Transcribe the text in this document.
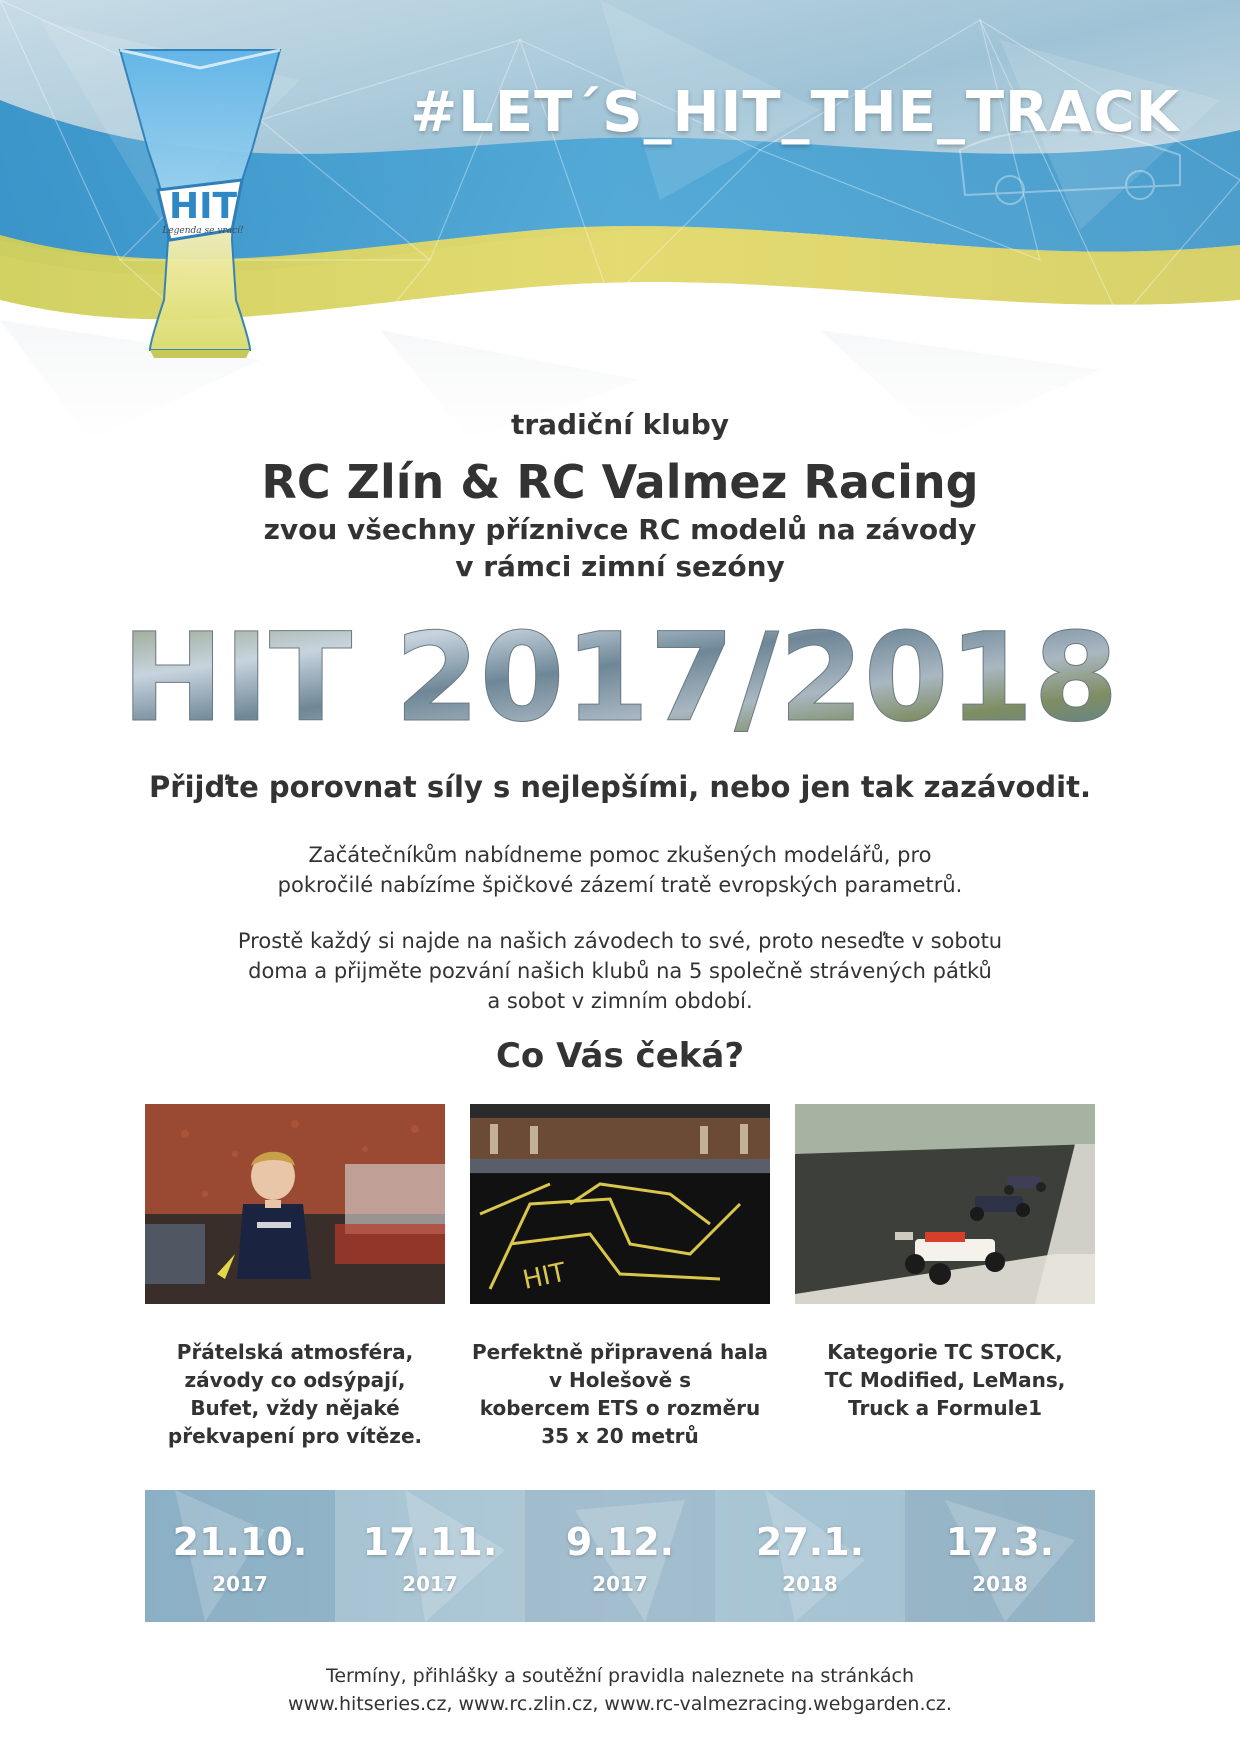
HIT
Legenda se vrací!
#LET´S_HIT_THE_TRACK
tradiční kluby
RC Zlín & RC Valmez Racing
zvou všechny příznivce RC modelů na závody
v rámci zimní sezóny
HIT 2017/2018
Přijďte porovnat síly s nejlepšími, nebo jen tak zazávodit.
Začátečníkům nabídneme pomoc zkušených modelářů, pro
pokročilé nabízíme špičkové zázemí tratě evropských parametrů.
Prostě každý si najde na našich závodech to své, proto neseďte v sobotu
doma a přijměte pozvání našich klubů na 5 společně strávených pátků
a sobot v zimním období.
Co Vás čeká?
HIT
Přátelská atmosféra,
závody co odsýpají,
Bufet, vždy nějaké
překvapení pro vítěze.
Perfektně připravená hala
v Holešově s
kobercem ETS o rozměru
35 x 20 metrů
Kategorie TC STOCK,
TC Modified, LeMans,
Truck a Formule1
21.10.
2017
17.11.
2017
9.12.
2017
27.1.
2018
17.3.
2018
Termíny, přihlášky a soutěžní pravidla naleznete na stránkách
www.hitseries.cz, www.rc.zlin.cz, www.rc-valmezracing.webgarden.cz.
